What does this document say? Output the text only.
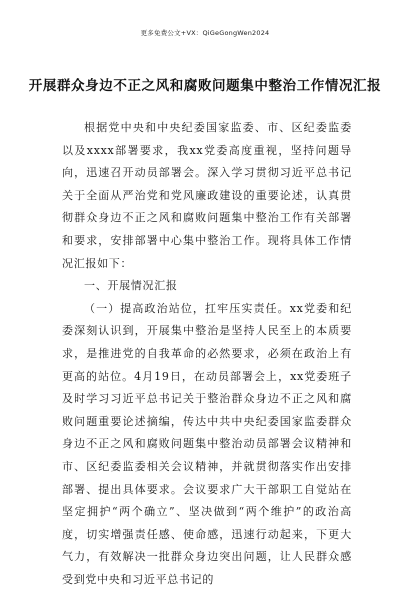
更多免费公文+VX：QiGeGongWen2024
开展群众身边不正之风和腐败问题集中整治工作情况汇报

根据党中央和中央纪委国家监委、市、区纪委监委以及xxxx部署要求，我xx党委高度重视，坚持问题导向，迅速召开动员部署会。深入学习贯彻习近平总书记关于全面从严治党和党风廉政建设的重要论述，认真贯彻群众身边不正之风和腐败问题集中整治工作有关部署和要求，安排部署中心集中整治工作。现将具体工作情况汇报如下：

一、开展情况汇报

（一）提高政治站位，扛牢压实责任。xx党委和纪委深刻认识到，开展集中整治是坚持人民至上的本质要求，是推进党的自我革命的必然要求，必须在政治上有更高的站位。4月19日，在动员部署会上，xx党委班子及时学习习近平总书记关于整治群众身边不正之风和腐败问题重要论述摘编，传达中共中央纪委国家监委群众身边不正之风和腐败问题集中整治动员部署会议精神和市、区纪委监委相关会议精神，并就贯彻落实作出安排部署、提出具体要求。会议要求广大干部职工自觉站在坚定拥护“两个确立”、坚决做到“两个维护”的政治高度，切实增强责任感、使命感，迅速行动起来，下更大气力，有效解决一批群众身边突出问题，让人民群众感受到党中央和习近平总书记的
